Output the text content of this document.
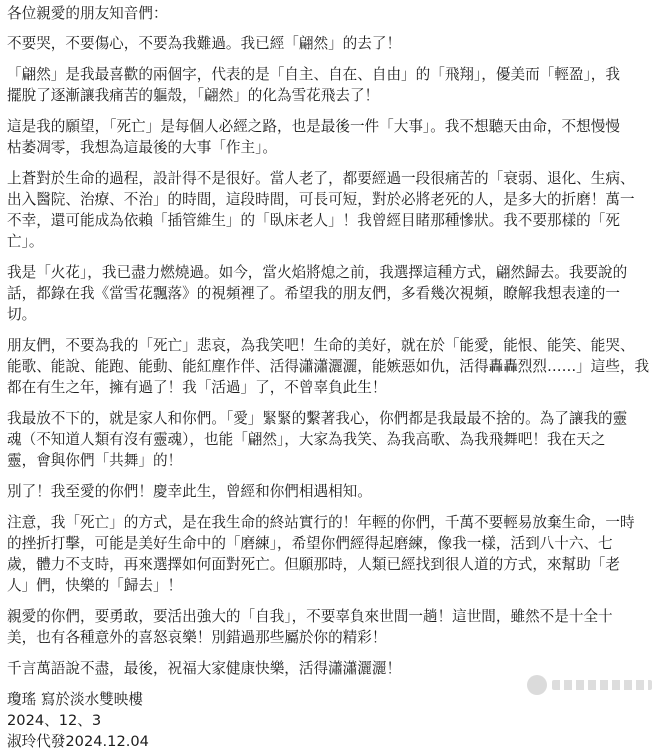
各位親愛的朋友知音們：
不要哭，不要傷心，不要為我難過。我已經「翩然」的去了！
「翩然」是我最喜歡的兩個字，代表的是「自主、自在、自由」的「飛翔」，優美而「輕盈」，我
擺脫了逐漸讓我痛苦的軀殼，「翩然」的化為雪花飛去了！
這是我的願望，「死亡」是每個人必經之路，也是最後一件「大事」。我不想聽天由命，不想慢慢
枯萎凋零，我想為這最後的大事「作主」。
上蒼對於生命的過程，設計得不是很好。當人老了，都要經過一段很痛苦的「衰弱、退化、生病、
出入醫院、治療、不治」的時間，這段時間，可長可短，對於必將老死的人，是多大的折磨！萬一
不幸，還可能成為依賴「插管維生」的「臥床老人」！我曾經目睹那種慘狀。我不要那樣的「死
亡」。
我是「火花」，我已盡力燃燒過。如今，當火焰將熄之前，我選擇這種方式，翩然歸去。我要說的
話，都錄在我《當雪花飄落》的視頻裡了。希望我的朋友們，多看幾次視頻，瞭解我想表達的一
切。
朋友們，不要為我的「死亡」悲哀，為我笑吧！生命的美好，就在於「能愛，能恨、能笑、能哭、
能歌、能說、能跑、能動、能紅塵作伴、活得瀟瀟灑灑，能嫉惡如仇，活得轟轟烈烈……」這些，我
都在有生之年，擁有過了！我「活過」了，不曾辜負此生！
我最放不下的，就是家人和你們。「愛」緊緊的繫著我心，你們都是我最最不捨的。為了讓我的靈
魂（不知道人類有沒有靈魂），也能「翩然」，大家為我笑、為我高歌、為我飛舞吧！我在天之
靈，會與你們「共舞」的！
別了！我至愛的你們！慶幸此生，曾經和你們相遇相知。
注意，我「死亡」的方式，是在我生命的終站實行的！年輕的你們，千萬不要輕易放棄生命，一時
的挫折打擊，可能是美好生命中的「磨練」，希望你們經得起磨練，像我一樣，活到八十六、七
歲，體力不支時，再來選擇如何面對死亡。但願那時，人類已經找到很人道的方式，來幫助「老
人」們，快樂的「歸去」！
親愛的你們，要勇敢，要活出強大的「自我」，不要辜負來世間一趟！這世間，雖然不是十全十
美，也有各種意外的喜怒哀樂！別錯過那些屬於你的精彩！
千言萬語說不盡，最後，祝福大家健康快樂，活得瀟瀟灑灑！
瓊瑤 寫於淡水雙映樓
2024、12、3
淑玲代發2024.12.04
